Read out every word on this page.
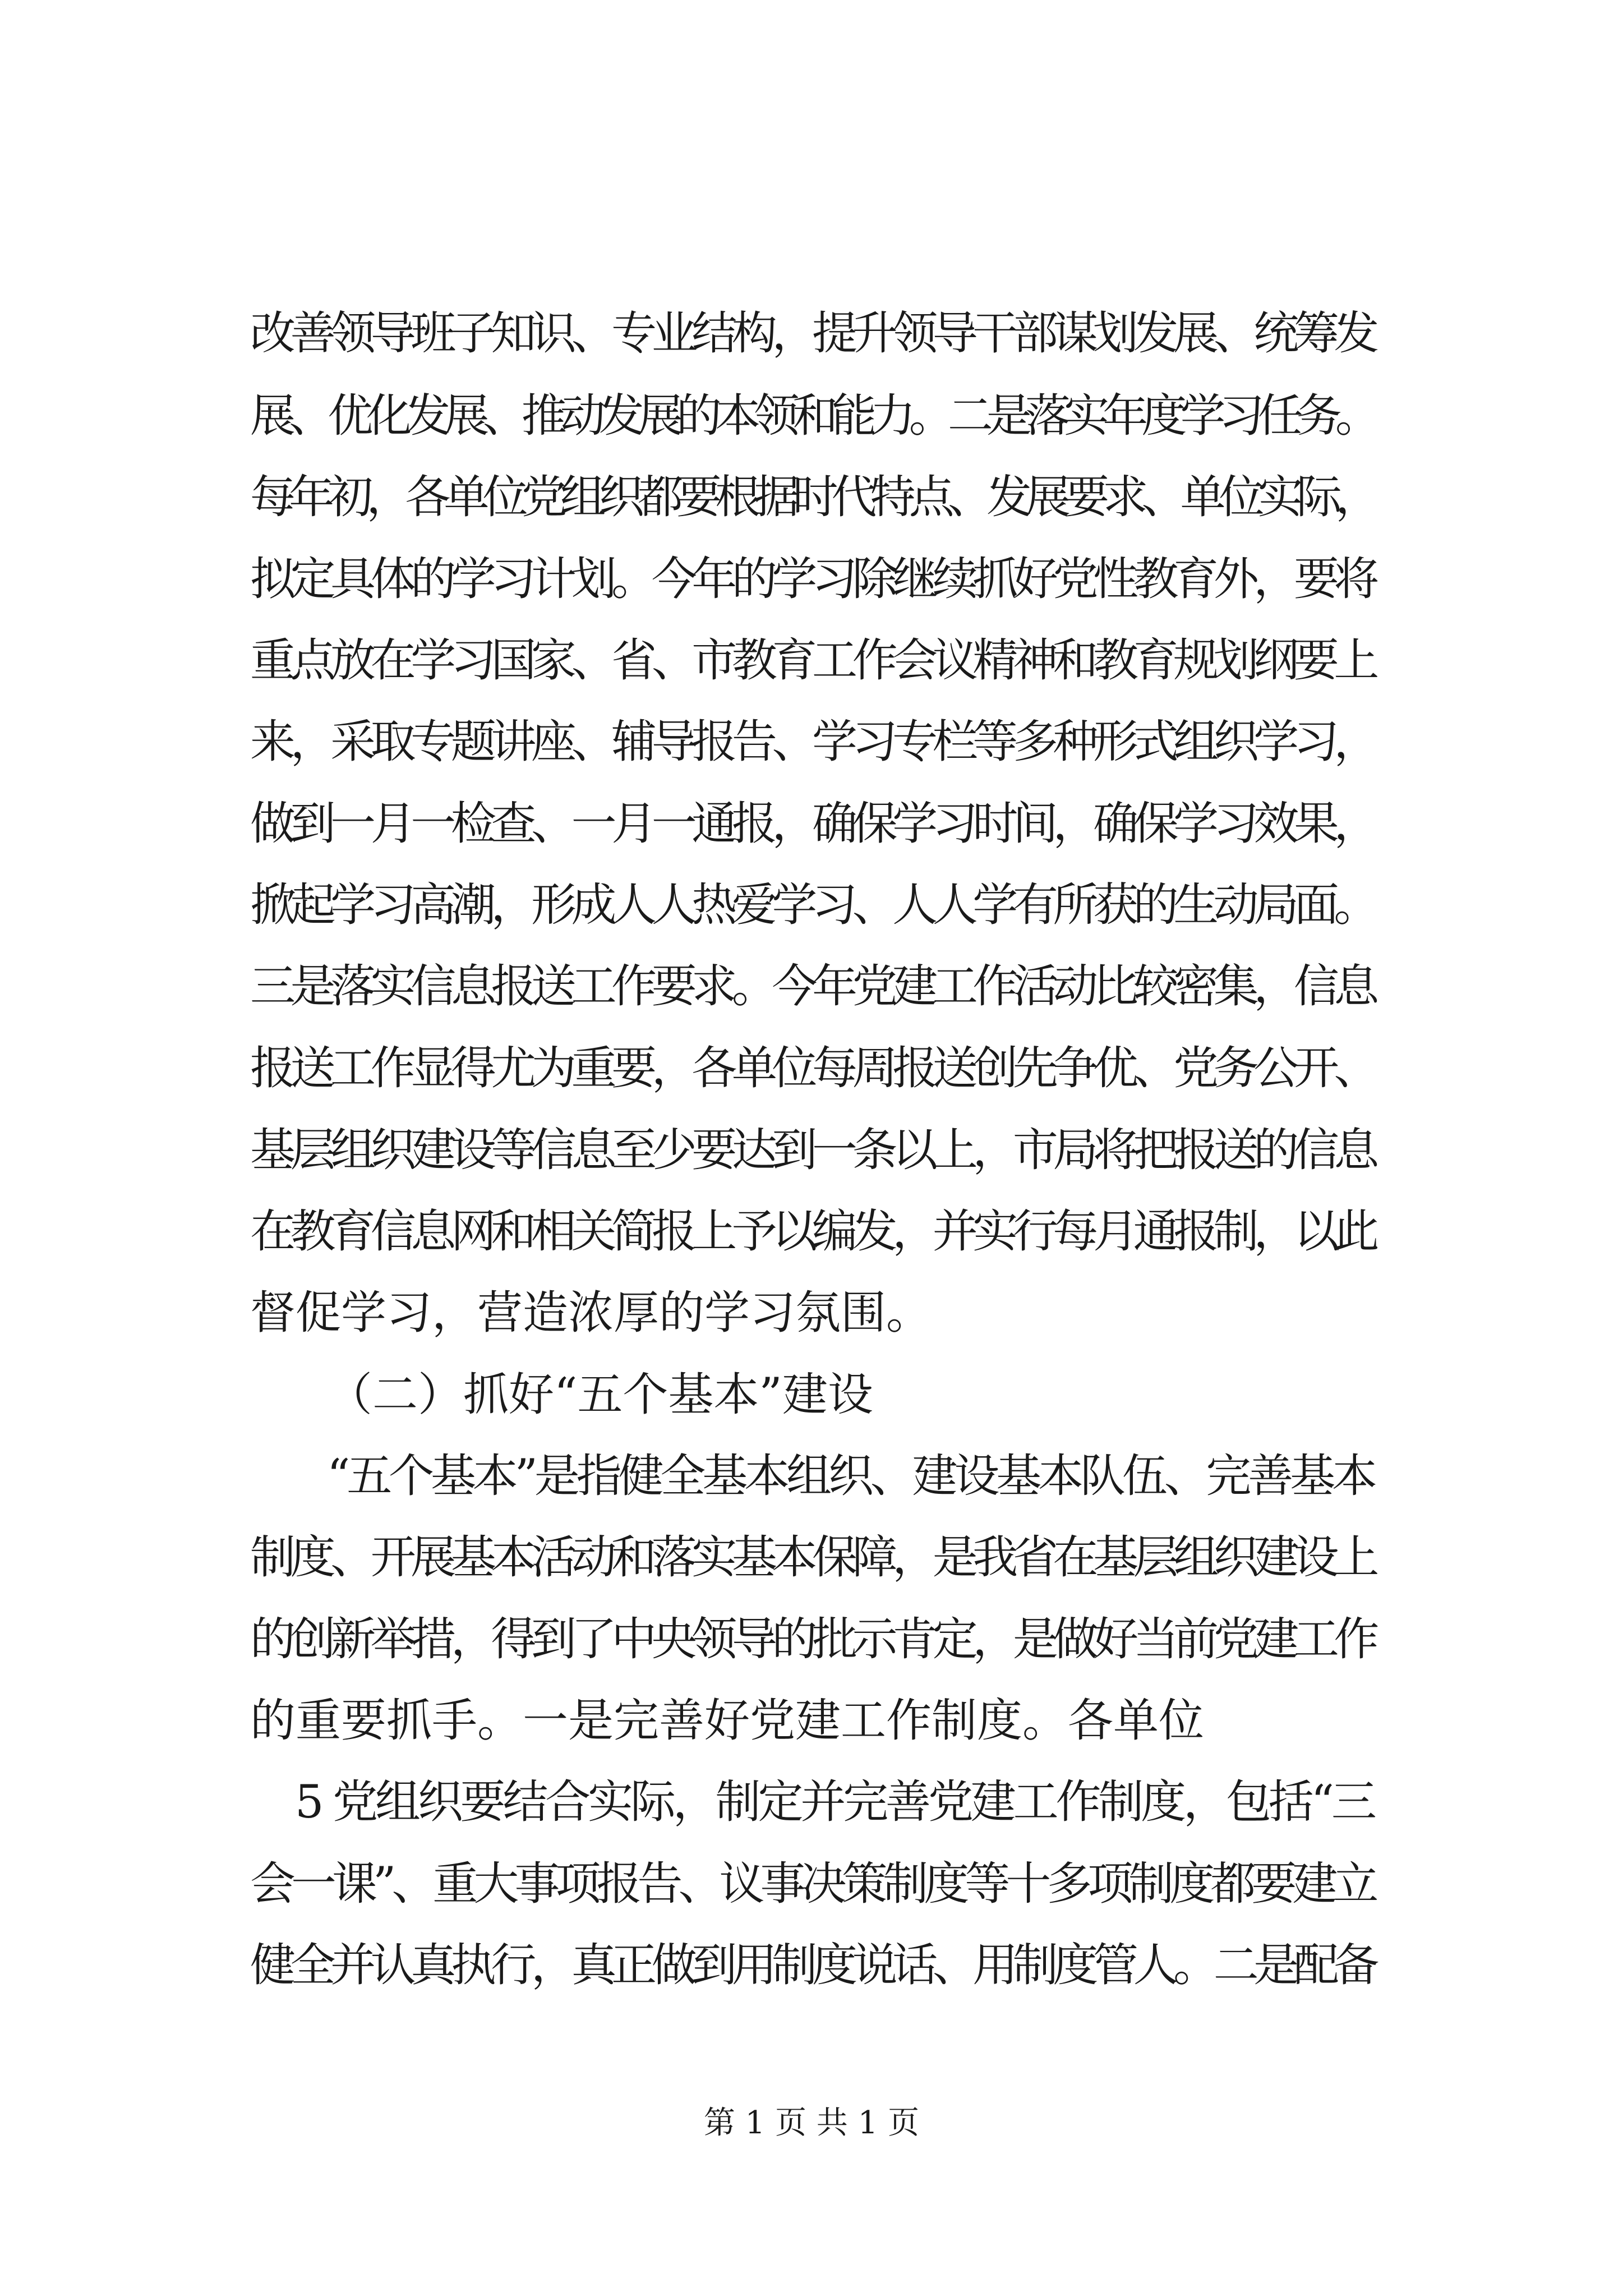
改善领导班子知识、专业结构，提升领导干部谋划发展、统筹发
展、优化发展、推动发展的本领和能力。二是落实年度学习任务。
每年初，各单位党组织都要根据时代特点、发展要求、单位实际，
拟定具体的学习计划。今年的学习除继续抓好党性教育外，要将
重点放在学习国家、省、市教育工作会议精神和教育规划纲要上
来，采取专题讲座、辅导报告、学习专栏等多种形式组织学习，
做到一月一检查、一月一通报，确保学习时间，确保学习效果，
掀起学习高潮，形成人人热爱学习、人人学有所获的生动局面。
三是落实信息报送工作要求。今年党建工作活动比较密集，信息
报送工作显得尤为重要，各单位每周报送创先争优、党务公开、
基层组织建设等信息至少要达到一条以上，市局将把报送的信息
在教育信息网和相关简报上予以编发，并实行每月通报制，以此
督促学习，营造浓厚的学习氛围。
（二）抓好“五个基本”建设
“五个基本”是指健全基本组织、建设基本队伍、完善基本
制度、开展基本活动和落实基本保障，是我省在基层组织建设上
的创新举措，得到了中央领导的批示肯定，是做好当前党建工作
的重要抓手。一是完善好党建工作制度。各单位
5 党组织要结合实际，制定并完善党建工作制度，包括“三
会一课”、重大事项报告、议事决策制度等十多项制度都要建立
健全并认真执行，真正做到用制度说话、用制度管人。二是配备
第 1 页 共 1 页
